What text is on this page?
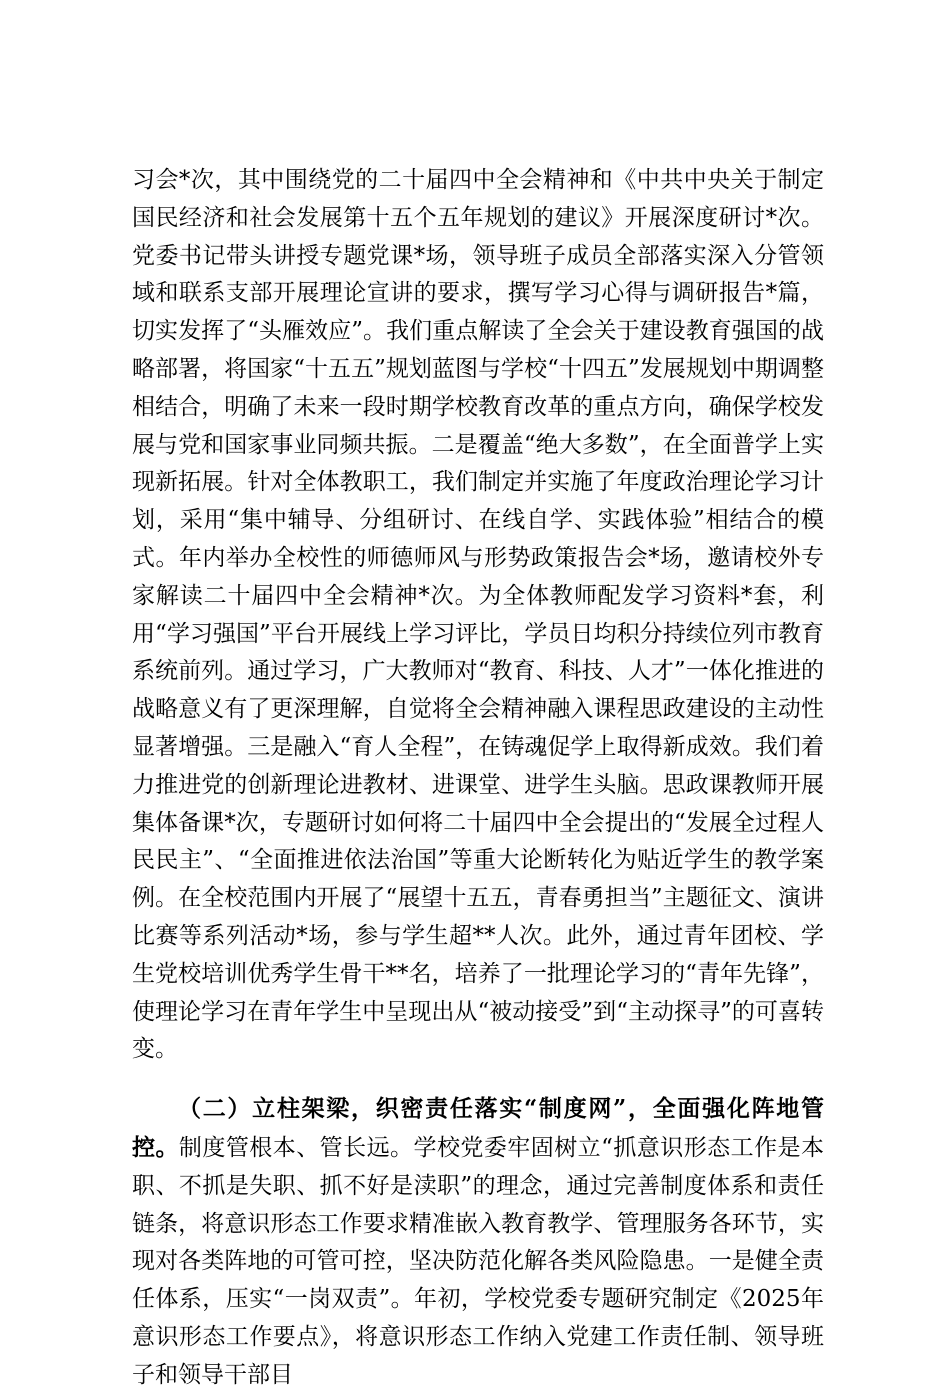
习会*次，其中围绕党的二十届四中全会精神和《中共中央关于制定国民经济和社会发展第十五个五年规划的建议》开展深度研讨*次。党委书记带头讲授专题党课*场，领导班子成员全部落实深入分管领域和联系支部开展理论宣讲的要求，撰写学习心得与调研报告*篇，切实发挥了“头雁效应”。我们重点解读了全会关于建设教育强国的战略部署，将国家“十五五”规划蓝图与学校“十四五”发展规划中期调整相结合，明确了未来一段时期学校教育改革的重点方向，确保学校发展与党和国家事业同频共振。二是覆盖“绝大多数”，在全面普学上实现新拓展。针对全体教职工，我们制定并实施了年度政治理论学习计划，采用“集中辅导、分组研讨、在线自学、实践体验”相结合的模式。年内举办全校性的师德师风与形势政策报告会*场，邀请校外专家解读二十届四中全会精神*次。为全体教师配发学习资料*套，利用“学习强国”平台开展线上学习评比，学员日均积分持续位列市教育系统前列。通过学习，广大教师对“教育、科技、人才”一体化推进的战略意义有了更深理解，自觉将全会精神融入课程思政建设的主动性显著增强。三是融入“育人全程”，在铸魂促学上取得新成效。我们着力推进党的创新理论进教材、进课堂、进学生头脑。思政课教师开展集体备课*次，专题研讨如何将二十届四中全会提出的“发展全过程人民民主”、“全面推进依法治国”等重大论断转化为贴近学生的教学案例。在全校范围内开展了“展望十五五，青春勇担当”主题征文、演讲比赛等系列活动*场，参与学生超**人次。此外，通过青年团校、学生党校培训优秀学生骨干**名，培养了一批理论学习的“青年先锋”，使理论学习在青年学生中呈现出从“被动接受”到“主动探寻”的可喜转变。

（二）立柱架梁，织密责任落实“制度网”，全面强化阵地管控。制度管根本、管长远。学校党委牢固树立“抓意识形态工作是本职、不抓是失职、抓不好是渎职”的理念，通过完善制度体系和责任链条，将意识形态工作要求精准嵌入教育教学、管理服务各环节，实现对各类阵地的可管可控，坚决防范化解各类风险隐患。一是健全责任体系，压实“一岗双责”。年初，学校党委专题研究制定《2025年意识形态工作要点》，将意识形态工作纳入党建工作责任制、领导班子和领导干部目
